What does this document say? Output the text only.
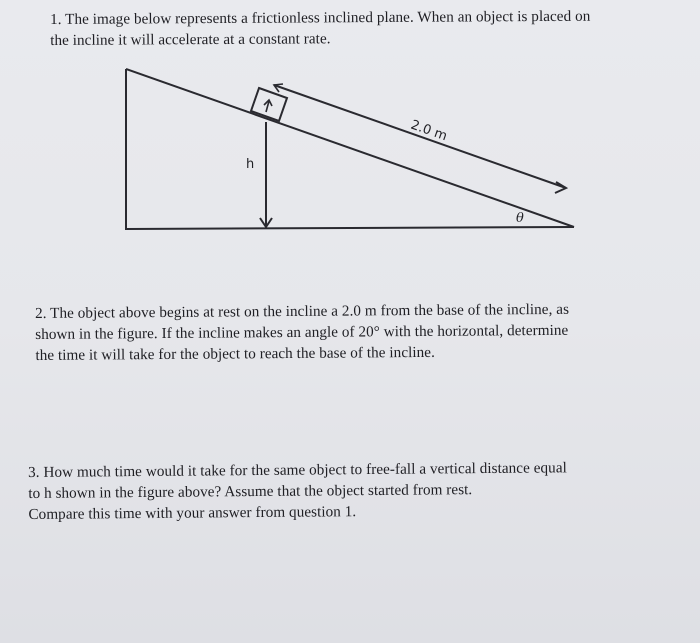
1. The image below represents a frictionless inclined plane. When an object is placed on
the incline it will accelerate at a constant rate.

h
2.0 m
θ

2. The object above begins at rest on the incline a 2.0 m from the base of the incline, as
shown in the figure. If the incline makes an angle of 20° with the horizontal, determine
the time it will take for the object to reach the base of the incline.

3. How much time would it take for the same object to free-fall a vertical distance equal
to h shown in the figure above? Assume that the object started from rest.
Compare this time with your answer from question 1.
